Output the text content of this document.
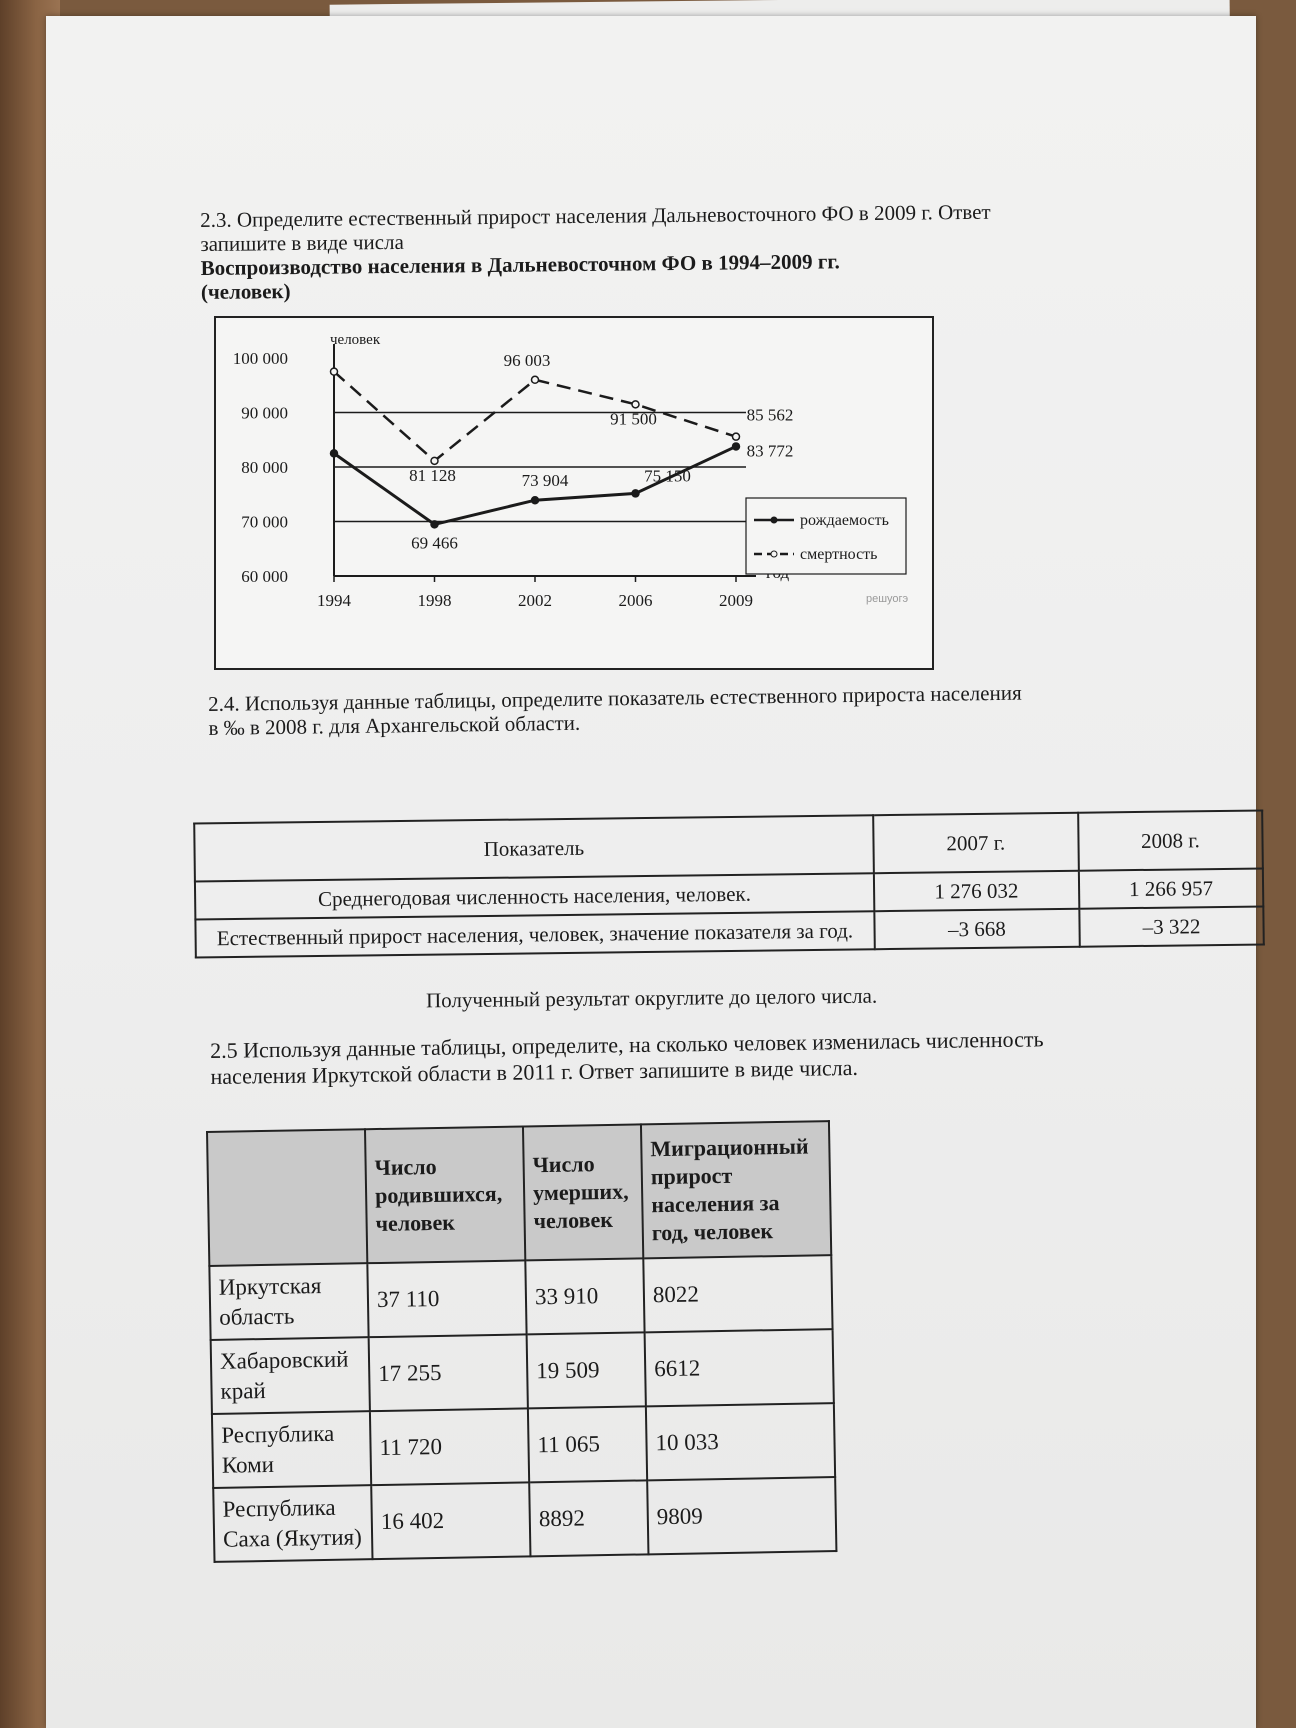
2.3. Определите естественный прирост населения Дальневосточного ФО в 2009 г. Ответ
запишите в виде числа
Воспроизводство населения в Дальневосточном ФО в 1994–2009 гг.
(человек)
100 000
90 000
80 000
70 000
60 000
1994	1998	2002	2006	2009
человек
69 466
73 904	75 150
83 772
81 128
96 003
91 500	85 562
рождаемость
смертность
решуогэ
2.4. Используя данные таблицы, определите показатель естественного прироста населения
в ‰ в 2008 г. для Архангельской области.
Показатель	2007 г.	2008 г.
Среднегодовая численность населения, человек.	1 276 032	1 266 957
Естественный прирост населения, человек, значение показателя за год.	–3 668	–3 322
Полученный результат округлите до целого числа.
2.5 Используя данные таблицы, определите, на сколько человек изменилась численность
населения Иркутской области в 2011 г. Ответ запишите в виде числа.
	Число родившихся, человек	Число умерших, человек	Миграционный прирост населения за год, человек
Иркутская область	37 110	33 910	8022
Хабаровский край	17 255	19 509	6612
Республика Коми	11 720	11 065	10 033
Республика Саха (Якутия)	16 402	8892	9809
